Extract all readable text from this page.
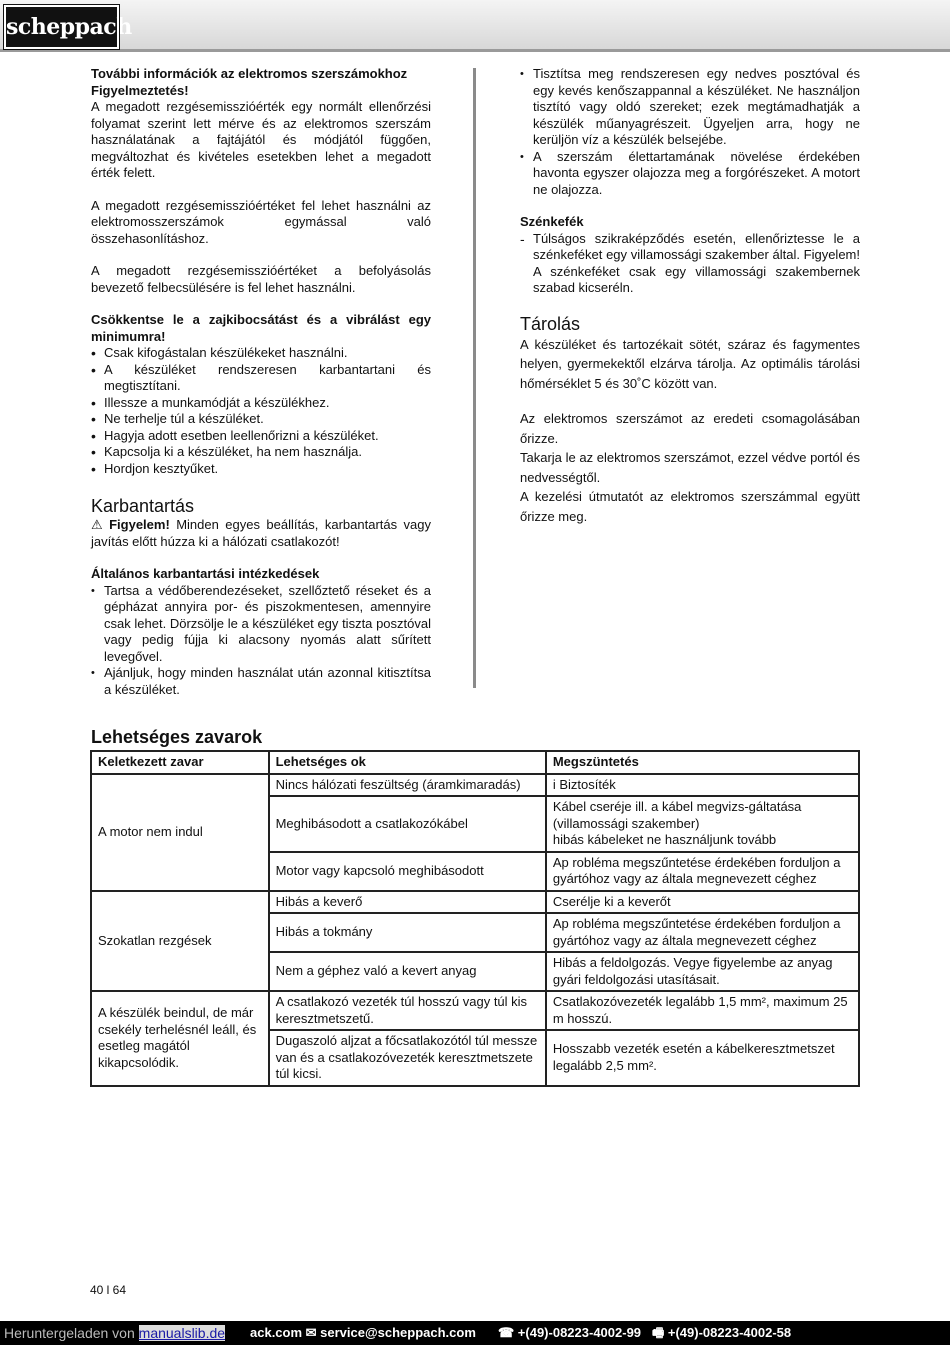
scheppach

További információk az elektromos szerszámokhoz

Figyelmeztetés!

A megadott rezgésemisszióérték egy normált ellenőrzési folyamat szerint lett mérve és az elektromos szerszám használatának a fajtájától és módjától függően, megváltozhat és kivételes esetekben lehet a megadott érték felett.

A megadott rezgésemisszióértéket fel lehet használni az elektromosszerszámok egymással való összehasonlításhoz.

A megadott rezgésemisszióértéket a befolyásolás bevezető felbecsülésére is fel lehet használni.

Csökkentse le a zajkibocsátást és a vibrálást egy minimumra!

• Csak kifogástalan készülékeket használni.
• A készüléket rendszeresen karbantartani és megtisztítani.
• Illessze a munkamódját a készülékhez.
• Ne terhelje túl a készüléket.
• Hagyja adott esetben leellenőrizni a készüléket.
• Kapcsolja ki a készüléket, ha nem használja.
• Hordjon kesztyűket.
Karbantartás

⚠ Figyelem! Minden egyes beállítás, karbantartás vagy javítás előtt húzza ki a hálózati csatlakozót!

Általános karbantartási intézkedések

• Tartsa a védőberendezéseket, szellőztető réseket és a gépházat annyira por- és piszokmentesen, amennyire csak lehet. Dörzsölje le a készüléket egy tiszta posztóval vagy pedig fújja ki alacsony nyomás alatt sűrített levegővel.
• Ajánljuk, hogy minden használat után azonnal kitisztítsa a készüléket.
• Tisztítsa meg rendszeresen egy nedves posztóval és egy kevés kenőszappannal a készüléket. Ne használjon tisztító vagy oldó szereket; ezek megtámadhatják a készülék műanyagrészeit. Ügyeljen arra, hogy ne kerüljön víz a készülék belsejébe.
• A szerszám élettartamának növelése érdekében havonta egyszer olajozza meg a forgórészeket. A motort ne olajozza.

Szénkefék

- Túlságos szikraképződés esetén, ellenőriztesse le a szénkeféket egy villamossági szakember által. Figyelem! A szénkeféket csak egy villamossági szakembernek szabad kicseréln.
Tárolás

A készüléket és tartozékait sötét, száraz és fagymentes helyen, gyermekektől elzárva tárolja. Az optimális tárolási hőmérséklet 5 és 30˚C között van.

Az elektromos szerszámot az eredeti csomagolásában őrizze.

Takarja le az elektromos szerszámot, ezzel védve portól és nedvességtől.

A kezelési útmutatót az elektromos szerszámmal együtt őrizze meg.

Lehetséges zavarok
Keletkezett zavar	Lehetséges ok	Megszüntetés
A motor nem indul	Nincs hálózati feszültség (áramkimaradás)	i Biztosíték
	Meghibásodott a csatlakozókábel	Kábel cseréje ill. a kábel megvizs-gáltatása (villamossági szakember)
hibás kábeleket ne használjunk tovább
	Motor vagy kapcsoló meghibásodott	Ap robléma megszűntetése érdekében forduljon a gyártóhoz vagy az általa megnevezett céghez
Szokatlan rezgések	Hibás a keverő	Cserélje ki a keverőt
	Hibás a tokmány	Ap robléma megszűntetése érdekében forduljon a gyártóhoz vagy az általa megnevezett céghez
	Nem a géphez való a kevert anyag	Hibás a feldolgozás. Vegye figyelembe az anyag gyári feldolgozási utasításait.
A készülék beindul, de már csekély terhelésnél leáll, és esetleg magától kikapcsolódik.	A csatlakozó vezeték túl hosszú vagy túl kis keresztmetszetű.	Csatlakozóvezeték legalább 1,5 mm², maximum 25 m hosszú.
	Dugaszoló aljzat a főcsatlakozótól túl messze van és a csatlakozóvezeték keresztmetszete túl kicsi.	Hosszabb vezeték esetén a kábelkeresztmetszet legalább 2,5 mm².
40 l 64
Heruntergeladen von manualslib.de ack.com ✉ service@scheppach.com ☎ +(49)-08223-4002-99 🖷 +(49)-08223-4002-58
